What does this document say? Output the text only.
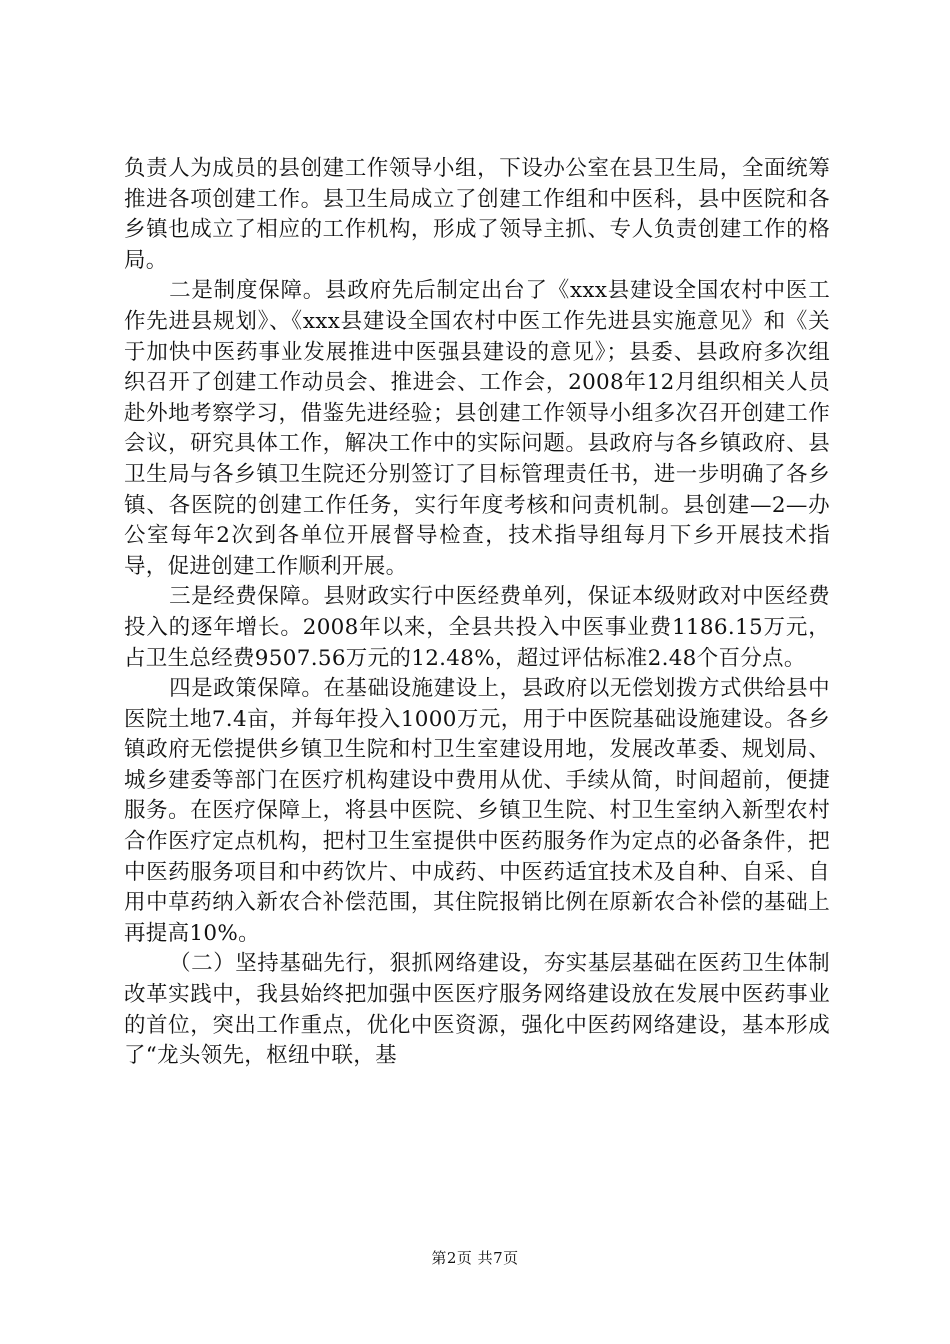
负责人为成员的县创建工作领导小组，下设办公室在县卫生局，全面统筹推进各项创建工作。县卫生局成立了创建工作组和中医科，县中医院和各乡镇也成立了相应的工作机构，形成了领导主抓、专人负责创建工作的格局。

二是制度保障。县政府先后制定出台了《xxx县建设全国农村中医工作先进县规划》、《xxx县建设全国农村中医工作先进县实施意见》和《关于加快中医药事业发展推进中医强县建设的意见》；县委、县政府多次组织召开了创建工作动员会、推进会、工作会，2008年12月组织相关人员赴外地考察学习，借鉴先进经验；县创建工作领导小组多次召开创建工作会议，研究具体工作，解决工作中的实际问题。县政府与各乡镇政府、县卫生局与各乡镇卫生院还分别签订了目标管理责任书，进一步明确了各乡镇、各医院的创建工作任务，实行年度考核和问责机制。县创建—2—办公室每年2次到各单位开展督导检查，技术指导组每月下乡开展技术指导，促进创建工作顺利开展。

三是经费保障。县财政实行中医经费单列，保证本级财政对中医经费投入的逐年增长。2008年以来，全县共投入中医事业费1186.15万元，占卫生总经费9507.56万元的12.48%，超过评估标准2.48个百分点。

四是政策保障。在基础设施建设上，县政府以无偿划拨方式供给县中医院土地7.4亩，并每年投入1000万元，用于中医院基础设施建设。各乡镇政府无偿提供乡镇卫生院和村卫生室建设用地，发展改革委、规划局、城乡建委等部门在医疗机构建设中费用从优、手续从简，时间超前，便捷服务。在医疗保障上，将县中医院、乡镇卫生院、村卫生室纳入新型农村合作医疗定点机构，把村卫生室提供中医药服务作为定点的必备条件，把中医药服务项目和中药饮片、中成药、中医药适宜技术及自种、自采、自用中草药纳入新农合补偿范围，其住院报销比例在原新农合补偿的基础上再提高10%。

（二）坚持基础先行，狠抓网络建设，夯实基层基础在医药卫生体制改革实践中，我县始终把加强中医医疗服务网络建设放在发展中医药事业的首位，突出工作重点，优化中医资源，强化中医药网络建设，基本形成了“龙头领先，枢纽中联，基

第2页 共7页
